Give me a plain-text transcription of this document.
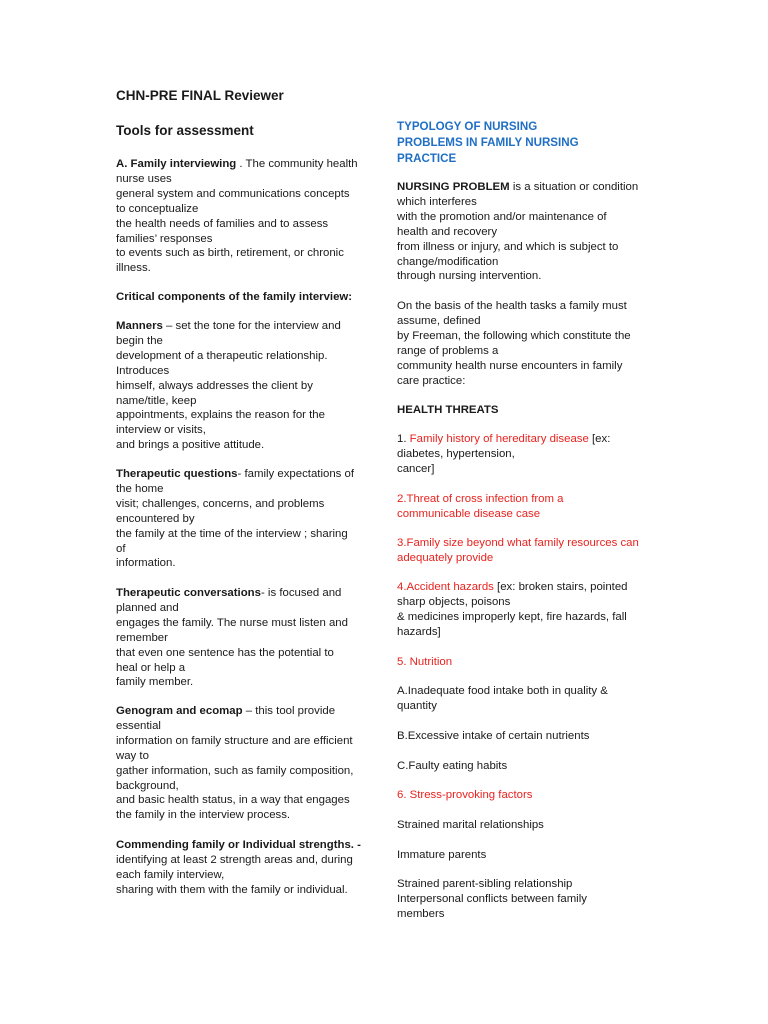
CHN-PRE FINAL Reviewer
Tools for assessment
A. Family interviewing . The community health
nurse uses
general system and communications concepts
to conceptualize
the health needs of families and to assess
families’ responses
to events such as birth, retirement, or chronic
illness.
Critical components of the family interview:
Manners – set the tone for the interview and
begin the
development of a therapeutic relationship.
Introduces
himself, always addresses the client by
name/title, keep
appointments, explains the reason for the
interview or visits,
and brings a positive attitude.
Therapeutic questions- family expectations of
the home
visit; challenges, concerns, and problems
encountered by
the family at the time of the interview ; sharing
of
information.
Therapeutic conversations- is focused and
planned and
engages the family. The nurse must listen and
remember
that even one sentence has the potential to
heal or help a
family member.
Genogram and ecomap – this tool provide
essential
information on family structure and are efficient
way to
gather information, such as family composition,
background,
and basic health status, in a way that engages
the family in the interview process.
Commending family or Individual strengths. -
identifying at least 2 strength areas and, during
each family interview,
sharing with them with the family or individual.
TYPOLOGY OF NURSING
PROBLEMS IN FAMILY NURSING
PRACTICE
NURSING PROBLEM is a situation or condition
which interferes
with the promotion and/or maintenance of
health and recovery
from illness or injury, and which is subject to
change/modification
through nursing intervention.
On the basis of the health tasks a family must
assume, defined
by Freeman, the following which constitute the
range of problems a
community health nurse encounters in family
care practice:
HEALTH THREATS
1. Family history of hereditary disease [ex:
diabetes, hypertension,
cancer]
2.Threat of cross infection from a
communicable disease case
3.Family size beyond what family resources can
adequately provide
4.Accident hazards [ex: broken stairs, pointed
sharp objects, poisons
& medicines improperly kept, fire hazards, fall
hazards]
5. Nutrition
A.Inadequate food intake both in quality &
quantity
B.Excessive intake of certain nutrients
C.Faulty eating habits
6. Stress-provoking factors
Strained marital relationships
Immature parents
Strained parent-sibling relationship
Interpersonal conflicts between family
members
